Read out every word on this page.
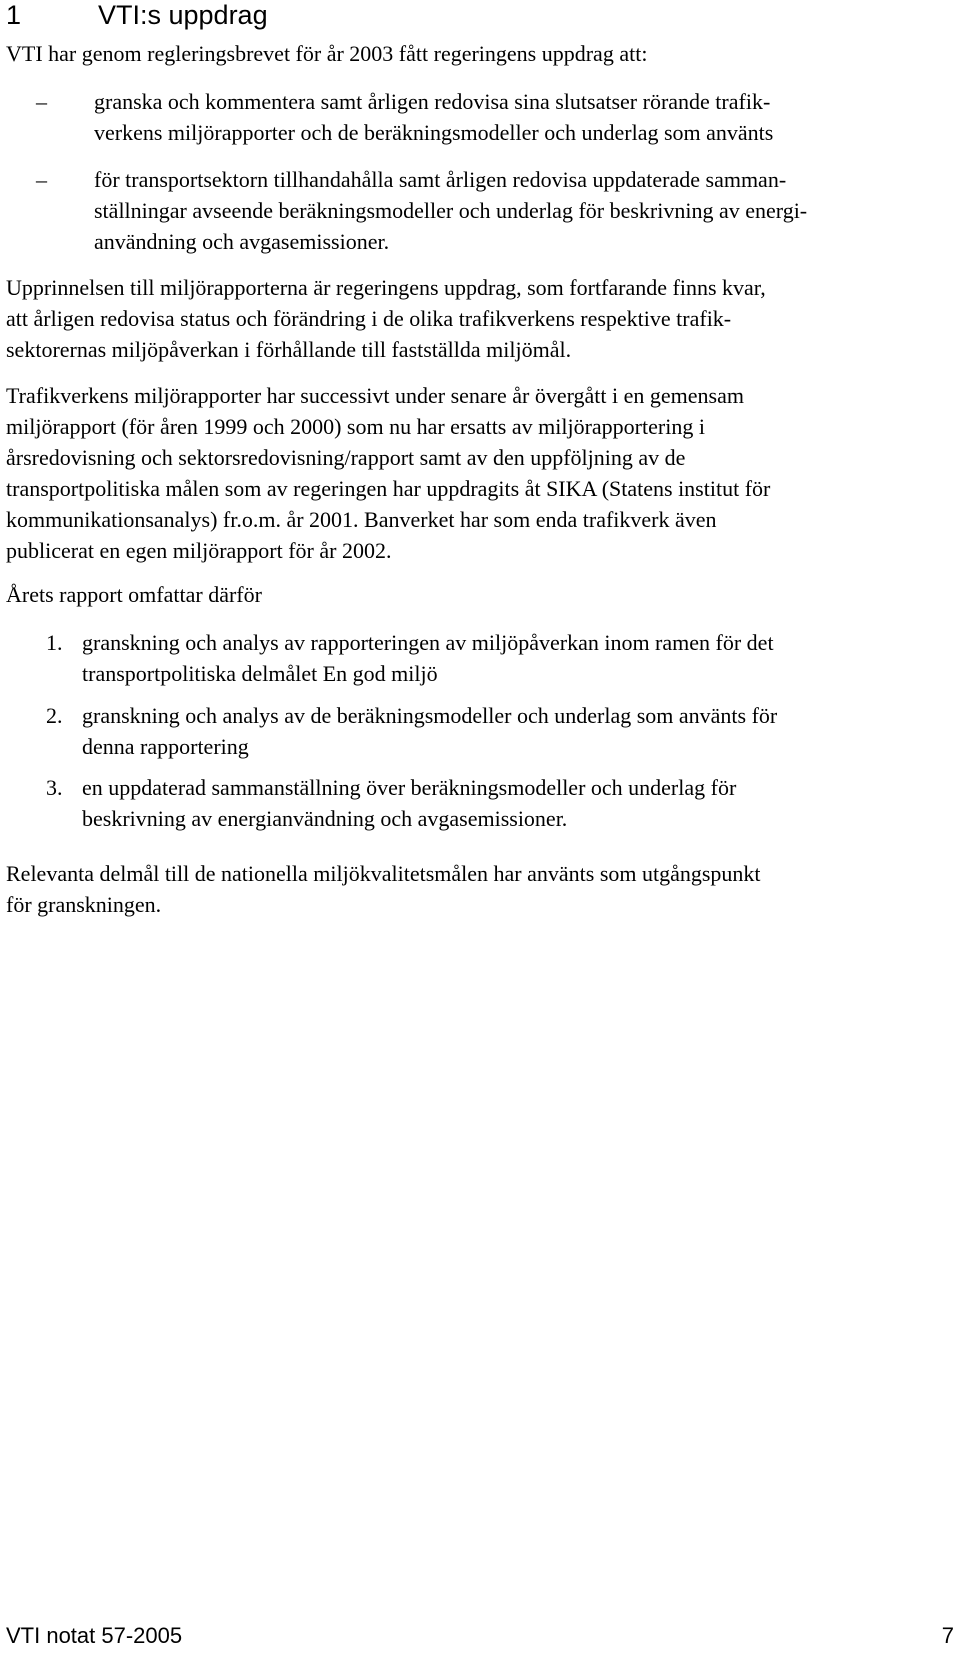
1	VTI:s uppdrag

VTI har genom regleringsbrevet för år 2003 fått regeringens uppdrag att:

– granska och kommentera samt årligen redovisa sina slutsatser rörande trafik-
verkens miljörapporter och de beräkningsmodeller och underlag som använts
– för transportsektorn tillhandahålla samt årligen redovisa uppdaterade samman-
ställningar avseende beräkningsmodeller och underlag för beskrivning av energi-
användning och avgasemissioner.
Upprinnelsen till miljörapporterna är regeringens uppdrag, som fortfarande finns kvar,
att årligen redovisa status och förändring i de olika trafikverkens respektive trafik-
sektorernas miljöpåverkan i förhållande till fastställda miljömål.
Trafikverkens miljörapporter har successivt under senare år övergått i en gemensam
miljörapport (för åren 1999 och 2000) som nu har ersatts av miljörapportering i
årsredovisning och sektorsredovisning/rapport samt av den uppföljning av de
transportpolitiska målen som av regeringen har uppdragits åt SIKA (Statens institut för
kommunikationsanalys) fr.o.m. år 2001. Banverket har som enda trafikverk även
publicerat en egen miljörapport för år 2002.

Årets rapport omfattar därför

1. granskning och analys av rapporteringen av miljöpåverkan inom ramen för det
transportpolitiska delmålet En god miljö
2. granskning och analys av de beräkningsmodeller och underlag som använts för
denna rapportering
3. en uppdaterad sammanställning över beräkningsmodeller och underlag för
beskrivning av energianvändning och avgasemissioner.
Relevanta delmål till de nationella miljökvalitetsmålen har använts som utgångspunkt
för granskningen.
VTI notat 57-2005	7
